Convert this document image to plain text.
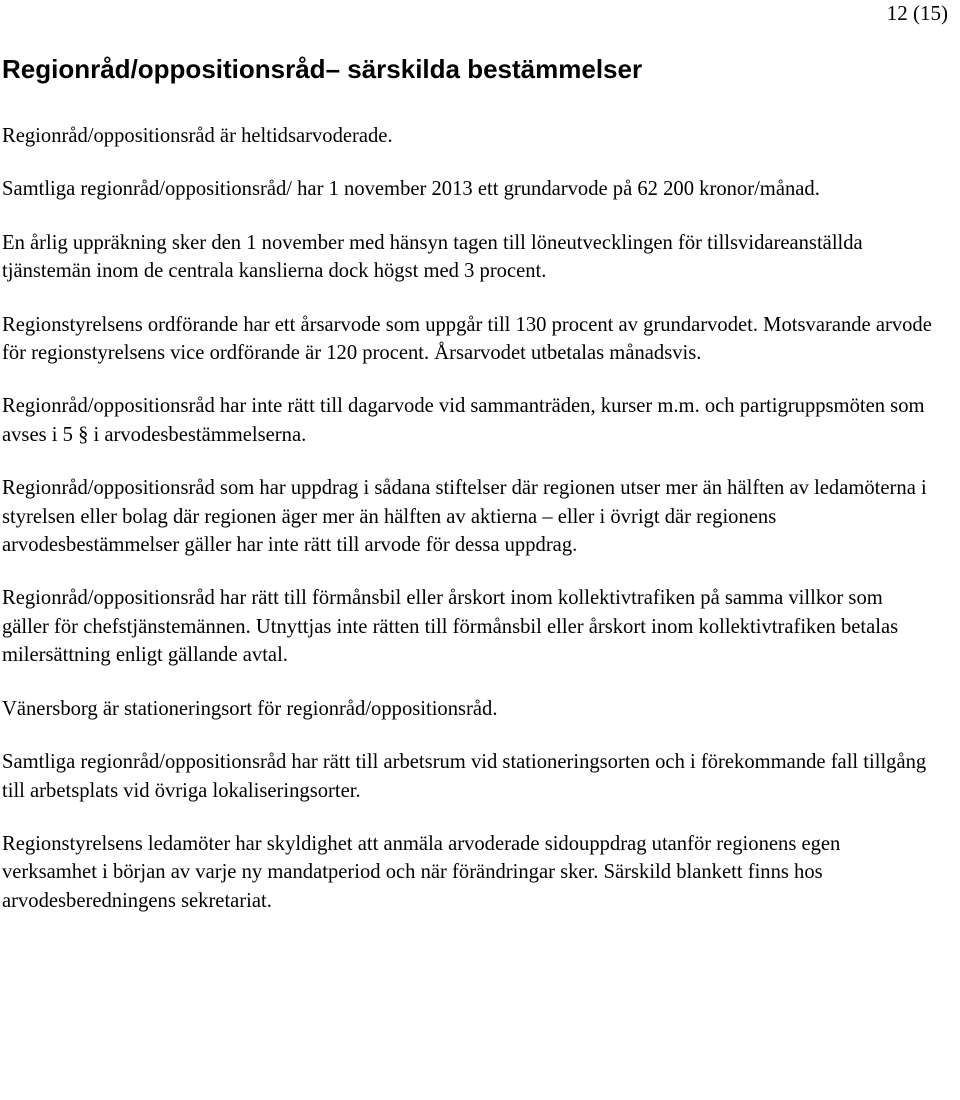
12 (15)
Regionråd/oppositionsråd– särskilda bestämmelser

Regionråd/oppositionsråd är heltidsarvoderade.

Samtliga regionråd/oppositionsråd/ har 1 november 2013 ett grundarvode på 62 200 kronor/månad.

En årlig uppräkning sker den 1 november med hänsyn tagen till löneutvecklingen för tillsvidareanställda tjänstemän inom de centrala kanslierna dock högst med 3 procent.

Regionstyrelsens ordförande har ett årsarvode som uppgår till 130 procent av grundarvodet. Motsvarande arvode för regionstyrelsens vice ordförande är 120 procent. Årsarvodet utbetalas månadsvis.

Regionråd/oppositionsråd har inte rätt till dagarvode vid sammanträden, kurser m.m. och partigruppsmöten som avses i 5 § i arvodesbestämmelserna.

Regionråd/oppositionsråd som har uppdrag i sådana stiftelser där regionen utser mer än hälften av ledamöterna i styrelsen eller bolag där regionen äger mer än hälften av aktierna – eller i övrigt där regionens arvodesbestämmelser gäller har inte rätt till arvode för dessa uppdrag.

Regionråd/oppositionsråd har rätt till förmånsbil eller årskort inom kollektivtrafiken på samma villkor som gäller för chefstjänstemännen. Utnyttjas inte rätten till förmånsbil eller årskort inom kollektivtrafiken betalas milersättning enligt gällande avtal.

Vänersborg är stationeringsort för regionråd/oppositionsråd.

Samtliga regionråd/oppositionsråd har rätt till arbetsrum vid stationeringsorten och i förekommande fall tillgång till arbetsplats vid övriga lokaliseringsorter.

Regionstyrelsens ledamöter har skyldighet att anmäla arvoderade sidouppdrag utanför regionens egen verksamhet i början av varje ny mandatperiod och när förändringar sker. Särskild blankett finns hos arvodesberedningens sekretariat.
